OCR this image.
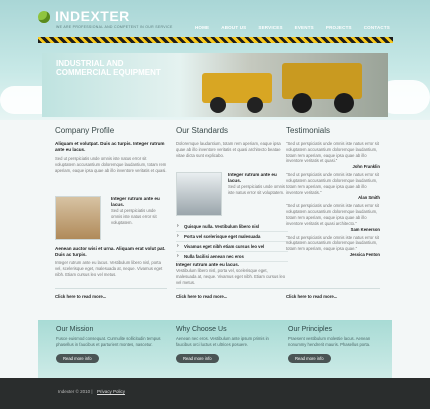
INDEXTER
WE ARE PROFESSIONAL AND COMPETENT IN OUR SERVICE	HOME	ABOUT US	SERVICES	EVENTS	PROJECTS	CONTACTS
INDUSTRIAL AND
COMMERCIAL EQUIPMENT
Company Profile
Aliquam et volutpat. Duis ac turpis. Integer rutrum ante eu lacus.
Sed ut perspiciatis unde omnis iste natus error sit voluptatem accusantium doloremque laudantium, totam rem aperiam, eaque ipsa quae ab illo inventore veritatis et quasi.
Integer rutrum ante eu lacus.
Sed ut perspiciatis unde omnis iste natus error sit voluptatem.
Aenean auctor wisi et urna. Aliquam erat volut pat. Duis ac turpis.
Integer rutrum ante eu lacus. Vestibulum libero nisl, porta vel, scelerisque eget, malesuada at, neque. Vivamus eget nibh. Etiam cursus leo vel metus.
Click here to read more...
Our Standards
Doloremque laudantium, totam rem aperiam, eaque ipsa quae ab illo inventore veritatis et quasi architecto beatae vitae dicta sunt explicabo.
Integer rutrum ante eu lacus.
Sed ut perspiciatis unde omnis iste natus error sit voluptatem.
› Quisque nulla. Vestibulum libero nisl
› Porta vel scelerisque eget malesuada
› Vivamus eget nibh etiam cursus leo vel
› Nulla facilisi aenean nec eros
Integer rutrum ante eu lacus.
Vestibulum libero nisl, porta vel, scelerisque eget, malesuada at, neque. Vivamus eget nibh. Etiam cursus leo vel metus.
Click here to read more...
Testimonials
"Sed ut perspiciatis unde omnis iste natus error sit voluptatem accusantium doloremque laudantium, totam rem aperiam, eaque ipsa quae ab illo inventore veritatis et quasi."
John Franklin
"Sed ut perspiciatis unde omnis iste natus error sit voluptatem accusantium doloremque laudantium, totam rem aperiam, eaque ipsa quae ab illo inventore veritatis."
Alan Smith
"Sed ut perspiciatis unde omnis iste natus error sit voluptatem accusantium doloremque laudantium, totam rem aperiam, eaque ipsa quae ab illo inventore veritatis et quasi architecto."
Sam Kenerson
"Sed ut perspiciatis unde omnis iste natus error sit voluptatem accusantium doloremque laudantium, totam rem aperiam, eaque ipsa quae."
Jessica Fenton
Click here to read more...
Our Mission
Fusce euismod consequat. Curmulite sollicitudin tempus phasellus in faucibus et parturient montes, nascetur.
Read more info
Why Choose Us
Aenean nec eros. Vestibulum ante ipsum primis in faucibus orci luctus et ultrices posuere.
Read more info
Our Principles
Praesent vestibulum molestie lacus. Aenean nonummy hendrerit mauris. Phasellus porta.
Read more info
Indexter © 2010 | Privacy Policy
